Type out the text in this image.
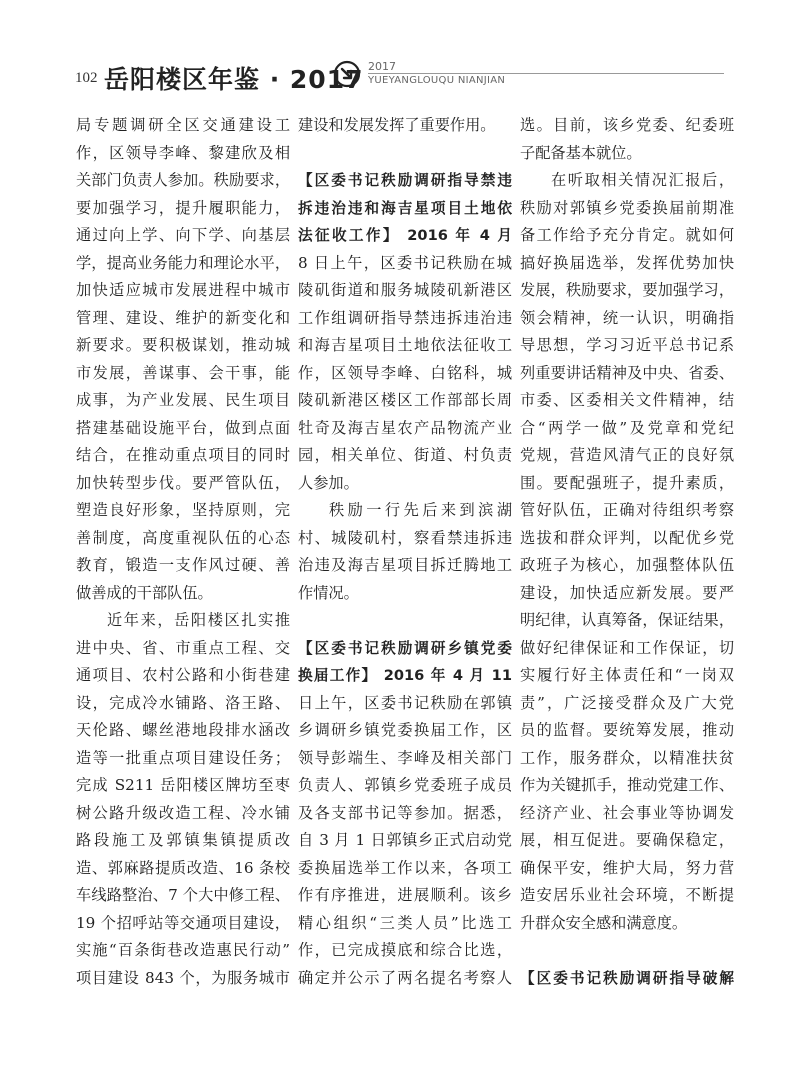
102 岳阳楼区年鉴 · 2017 2017
YUEYANGLOUQU NIANJIAN
局专题调研全区交通建设工
作，区领导李峰、黎建欣及相
关部门负责人参加。秩励要求，
要加强学习，提升履职能力，
通过向上学、向下学、向基层
学，提高业务能力和理论水平，
加快适应城市发展进程中城市
管理、建设、维护的新变化和
新要求。要积极谋划，推动城
市发展，善谋事、会干事，能
成事，为产业发展、民生项目
搭建基础设施平台，做到点面
结合，在推动重点项目的同时
加快转型步伐。要严管队伍，
塑造良好形象，坚持原则，完
善制度，高度重视队伍的心态
教育，锻造一支作风过硬、善
做善成的干部队伍。
近年来，岳阳楼区扎实推
进中央、省、市重点工程、交
通项目、农村公路和小街巷建
设，完成冷水铺路、洛王路、
天伦路、螺丝港地段排水涵改
造等一批重点项目建设任务；
完成 S211 岳阳楼区牌坊至枣
树公路升级改造工程、冷水铺
路段施工及郭镇集镇提质改
造、郭麻路提质改造、16 条校
车线路整治、7 个大中修工程、
19 个招呼站等交通项目建设，
实施“百条街巷改造惠民行动”
项目建设 843 个，为服务城市
建设和发展发挥了重要作用。
【区委书记秩励调研指导禁违
拆违治违和海吉星项目土地依
法征收工作】 2016 年 4 月
8 日上午，区委书记秩励在城
陵矶街道和服务城陵矶新港区
工作组调研指导禁违拆违治违
和海吉星项目土地依法征收工
作，区领导李峰、白铭科，城
陵矶新港区楼区工作部部长周
牡奇及海吉星农产品物流产业
园，相关单位、街道、村负责
人参加。
秩励一行先后来到滨湖
村、城陵矶村，察看禁违拆违
治违及海吉星项目拆迁腾地工
作情况。
【区委书记秩励调研乡镇党委
换届工作】 2016 年 4 月 11
日上午，区委书记秩励在郭镇
乡调研乡镇党委换届工作，区
领导彭端生、李峰及相关部门
负责人、郭镇乡党委班子成员
及各支部书记等参加。据悉，
自 3 月 1 日郭镇乡正式启动党
委换届选举工作以来，各项工
作有序推进，进展顺利。该乡
精心组织“三类人员”比选工
作，已完成摸底和综合比选，
确定并公示了两名提名考察人
选。目前，该乡党委、纪委班
子配备基本就位。
在听取相关情况汇报后，
秩励对郭镇乡党委换届前期准
备工作给予充分肯定。就如何
搞好换届选举，发挥优势加快
发展，秩励要求，要加强学习，
领会精神，统一认识，明确指
导思想，学习习近平总书记系
列重要讲话精神及中央、省委、
市委、区委相关文件精神，结
合“两学一做”及党章和党纪
党规，营造风清气正的良好氛
围。要配强班子，提升素质，
管好队伍，正确对待组织考察
选拔和群众评判，以配优乡党
政班子为核心，加强整体队伍
建设，加快适应新发展。要严
明纪律，认真筹备，保证结果，
做好纪律保证和工作保证，切
实履行好主体责任和“一岗双
责”，广泛接受群众及广大党
员的监督。要统筹发展，推动
工作，服务群众，以精准扶贫
作为关键抓手，推动党建工作、
经济产业、社会事业等协调发
展，相互促进。要确保稳定，
确保平安，维护大局，努力营
造安居乐业社会环境，不断提
升群众安全感和满意度。
【区委书记秩励调研指导破解
